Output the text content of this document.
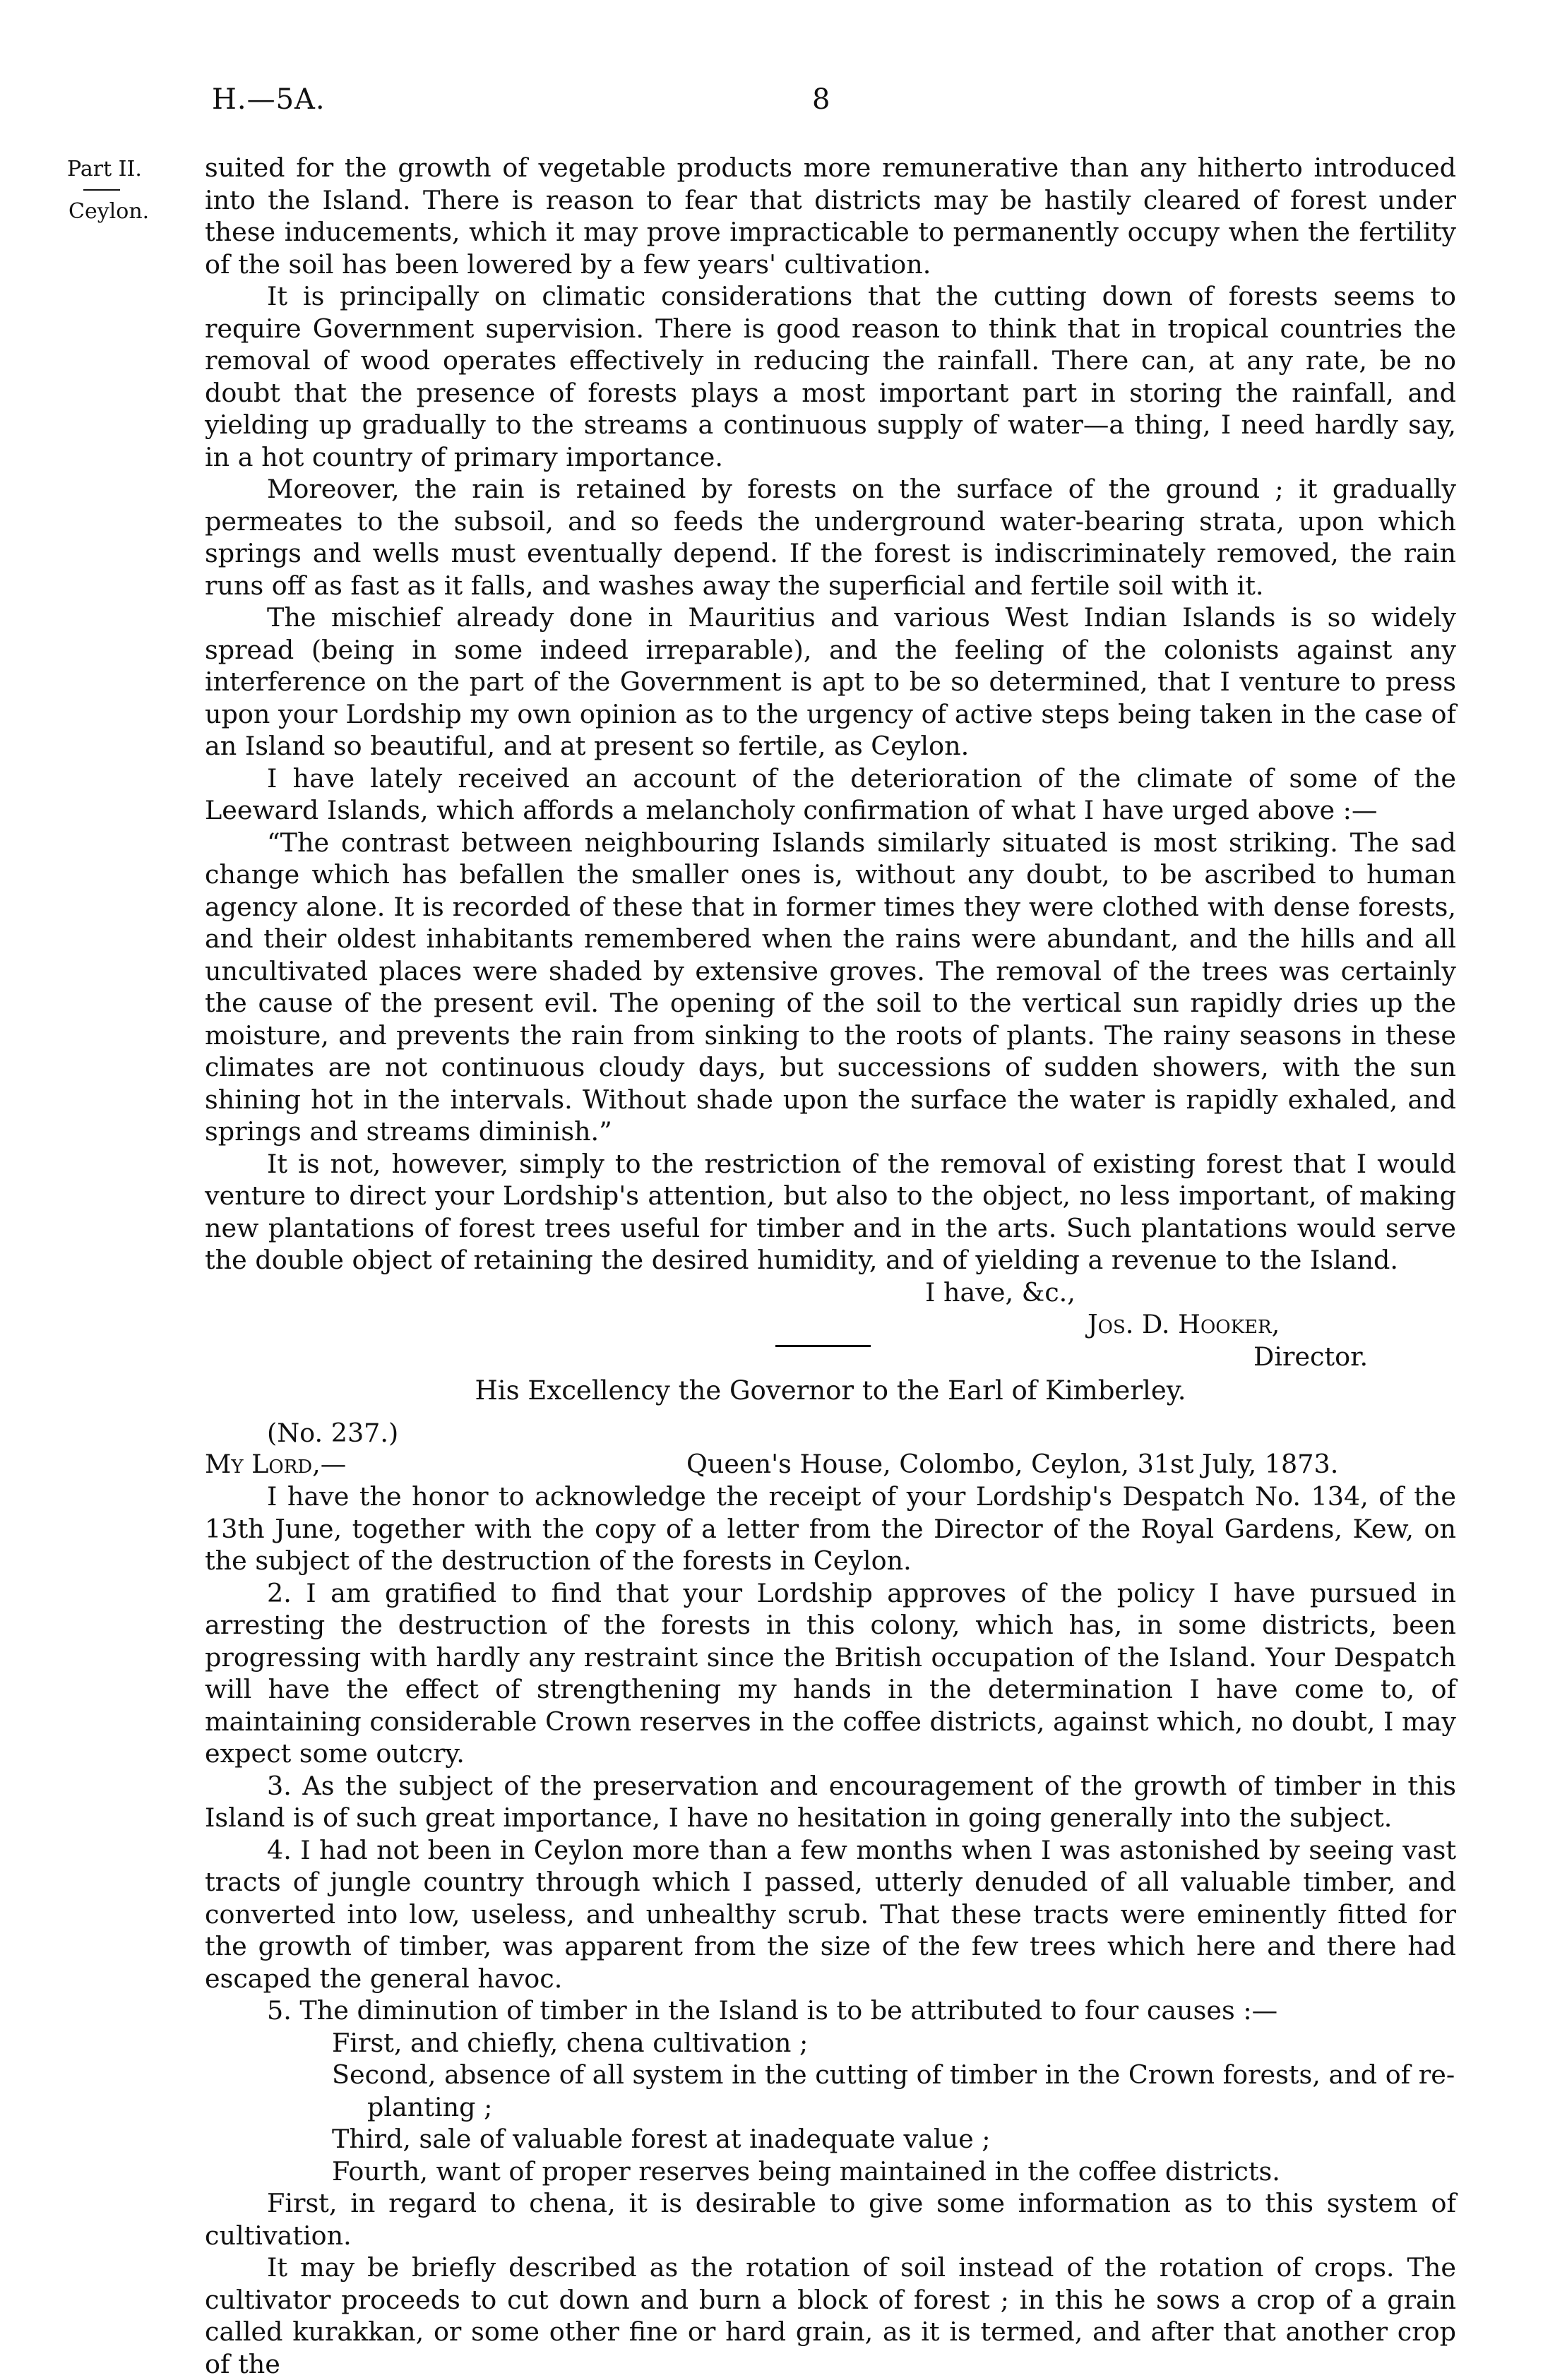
H.—5A.	8
Part II.
Ceylon.

suited for the growth of vegetable products more remunerative than any hitherto introduced into the Island. There is reason to fear that districts may be hastily cleared of forest under these inducements, which it may prove impracticable to permanently occupy when the fertility of the soil has been lowered by a few years' cultivation.

It is principally on climatic considerations that the cutting down of forests seems to require Government supervision. There is good reason to think that in tropical countries the removal of wood operates effectively in reducing the rainfall. There can, at any rate, be no doubt that the presence of forests plays a most important part in storing the rainfall, and yielding up gradually to the streams a continuous supply of water—a thing, I need hardly say, in a hot country of primary importance.

Moreover, the rain is retained by forests on the surface of the ground ; it gradually permeates to the subsoil, and so feeds the underground water-bearing strata, upon which springs and wells must eventually depend. If the forest is indiscriminately removed, the rain runs off as fast as it falls, and washes away the superficial and fertile soil with it.

The mischief already done in Mauritius and various West Indian Islands is so widely spread (being in some indeed irreparable), and the feeling of the colonists against any interference on the part of the Government is apt to be so determined, that I venture to press upon your Lordship my own opinion as to the urgency of active steps being taken in the case of an Island so beautiful, and at present so fertile, as Ceylon.

I have lately received an account of the deterioration of the climate of some of the Leeward Islands, which affords a melancholy confirmation of what I have urged above :—

“The contrast between neighbouring Islands similarly situated is most striking. The sad change which has befallen the smaller ones is, without any doubt, to be ascribed to human agency alone. It is recorded of these that in former times they were clothed with dense forests, and their oldest inhabitants remembered when the rains were abundant, and the hills and all uncultivated places were shaded by extensive groves. The removal of the trees was certainly the cause of the present evil. The opening of the soil to the vertical sun rapidly dries up the moisture, and prevents the rain from sinking to the roots of plants. The rainy seasons in these climates are not continuous cloudy days, but successions of sudden showers, with the sun shining hot in the intervals. Without shade upon the surface the water is rapidly exhaled, and springs and streams diminish.”

It is not, however, simply to the restriction of the removal of existing forest that I would venture to direct your Lordship's attention, but also to the object, no less important, of making new plantations of forest trees useful for timber and in the arts. Such plantations would serve the double object of retaining the desired humidity, and of yielding a revenue to the Island.

I have, &c.,

Jos. D. Hooker,

Director.

His Excellency the Governor to the Earl of Kimberley.
(No. 237.)
My Lord,—	Queen's House, Colombo, Ceylon, 31st July, 1873.

I have the honor to acknowledge the receipt of your Lordship's Despatch No. 134, of the 13th June, together with the copy of a letter from the Director of the Royal Gardens, Kew, on the subject of the destruction of the forests in Ceylon.

2. I am gratified to find that your Lordship approves of the policy I have pursued in arresting the destruction of the forests in this colony, which has, in some districts, been progressing with hardly any restraint since the British occupation of the Island. Your Despatch will have the effect of strengthening my hands in the determination I have come to, of maintaining considerable Crown reserves in the coffee districts, against which, no doubt, I may expect some outcry.

3. As the subject of the preservation and encouragement of the growth of timber in this Island is of such great importance, I have no hesitation in going generally into the subject.

4. I had not been in Ceylon more than a few months when I was astonished by seeing vast tracts of jungle country through which I passed, utterly denuded of all valuable timber, and converted into low, useless, and unhealthy scrub. That these tracts were eminently fitted for the growth of timber, was apparent from the size of the few trees which here and there had escaped the general havoc.

5. The diminution of timber in the Island is to be attributed to four causes :—

First, and chiefly, chena cultivation ;

Second, absence of all system in the cutting of timber in the Crown forests, and of re-

planting ;

Third, sale of valuable forest at inadequate value ;

Fourth, want of proper reserves being maintained in the coffee districts.

First, in regard to chena, it is desirable to give some information as to this system of cultivation.

It may be briefly described as the rotation of soil instead of the rotation of crops. The cultivator proceeds to cut down and burn a block of forest ; in this he sows a crop of a grain called kurakkan, or some other fine or hard grain, as it is termed, and after that another crop of the
